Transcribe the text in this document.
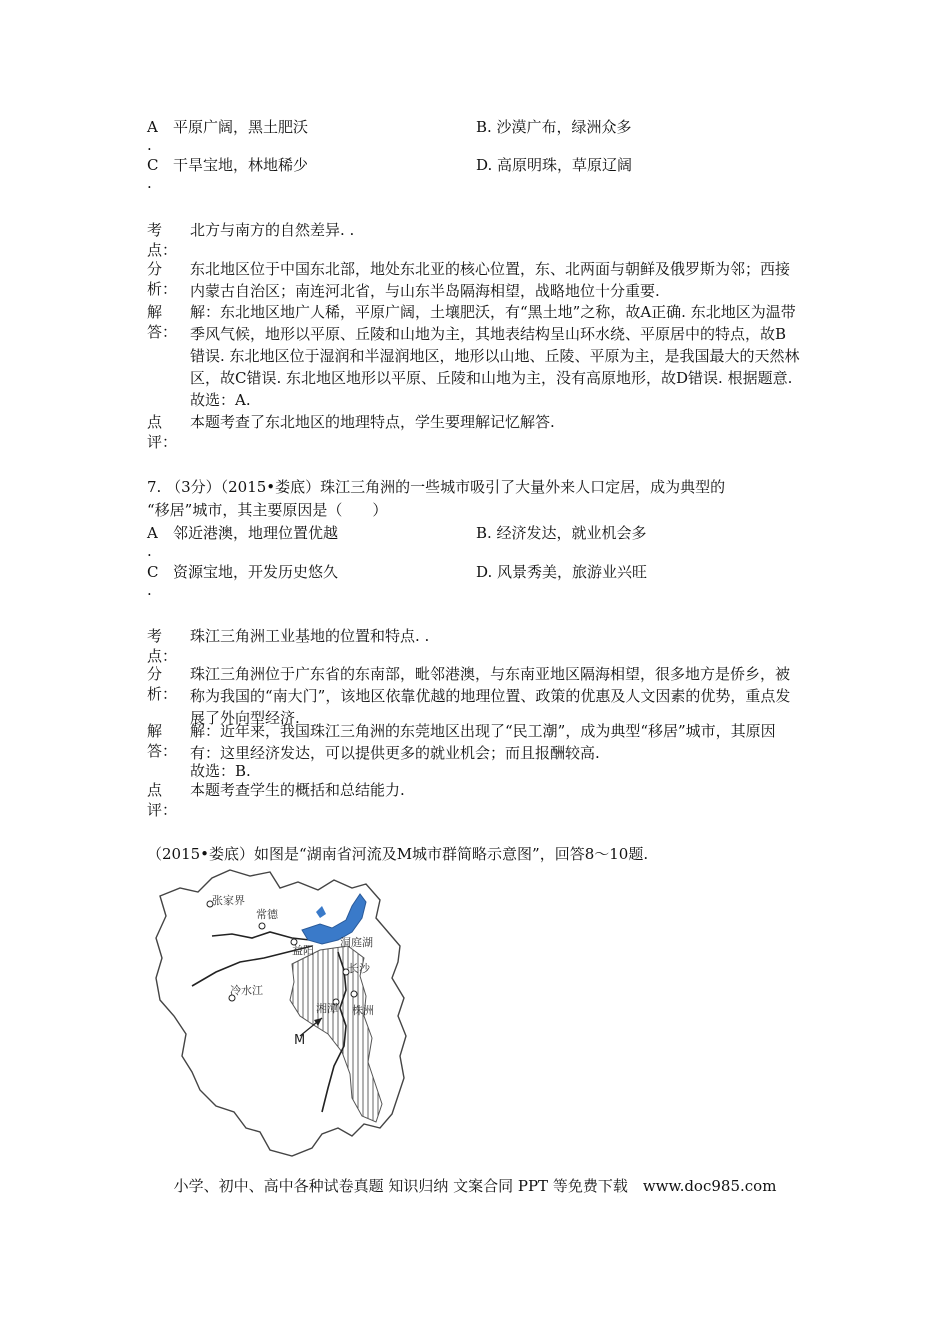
A 平原广阔，黑土肥沃	B. 沙漠广布，绿洲众多
.
C 干旱宝地，林地稀少	D. 高原明珠，草原辽阔
.
考点：
北方与南方的自然差异. .
分析：
东北地区位于中国东北部，地处东北亚的核心位置，东、北两面与朝鲜及俄罗斯为邻；西接内蒙古自治区；南连河北省，与山东半岛隔海相望，战略地位十分重要.
解答：
解：东北地区地广人稀，平原广阔，土壤肥沃，有“黑土地”之称，故A正确. 东北地区为温带季风气候，地形以平原、丘陵和山地为主，其地表结构呈山环水绕、平原居中的特点，故B错误. 东北地区位于湿润和半湿润地区，地形以山地、丘陵、平原为主，是我国最大的天然林区，故C错误. 东北地区地形以平原、丘陵和山地为主，没有高原地形，故D错误. 根据题意.
故选：A.
点评：
本题考查了东北地区的地理特点，学生要理解记忆解答.
7. （3分）（2015•娄底）珠江三角洲的一些城市吸引了大量外来人口定居，成为典型的
“移居”城市，其主要原因是（　　）
A 邻近港澳，地理位置优越	B. 经济发达，就业机会多
.
C 资源宝地，开发历史悠久	D. 风景秀美，旅游业兴旺
.
考点：
珠江三角洲工业基地的位置和特点. .
分析：
珠江三角洲位于广东省的东南部，毗邻港澳，与东南亚地区隔海相望，很多地方是侨乡，被称为我国的“南大门”，该地区依靠优越的地理位置、政策的优惠及人文因素的优势，重点发展了外向型经济.
解答：
解：近年来，我国珠江三角洲的东莞地区出现了“民工潮”，成为典型“移居”城市，其原因有：这里经济发达，可以提供更多的就业机会；而且报酬较高.
故选：B.
点评：
本题考查学生的概括和总结能力.
（2015•娄底）如图是“湖南省河流及M城市群简略示意图”，回答8～10题.
张家界
常德
益阳
洞庭湖
长沙
冷水江
湘潭 株洲
M
小学、初中、高中各种试卷真题 知识归纳 文案合同 PPT 等免费下载　www.doc985.com
